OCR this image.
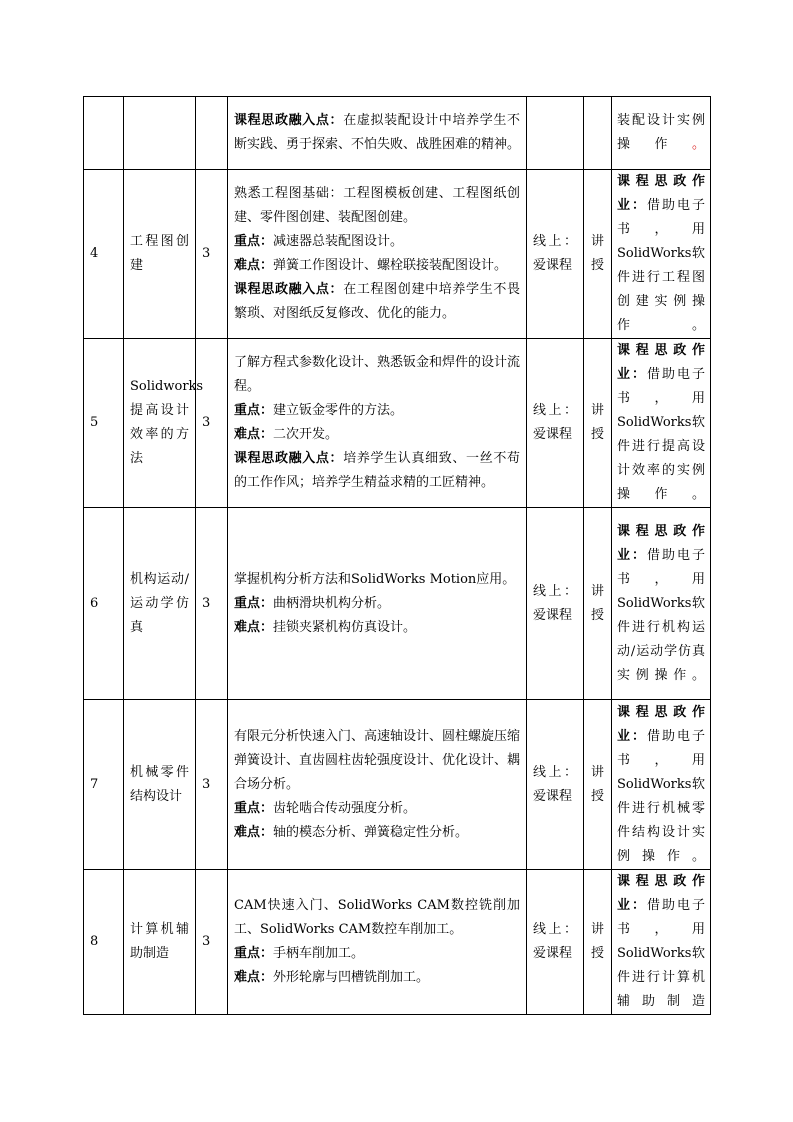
			课程思政融入点：在虚拟装配设计中培养学生不断实践、勇于探索、不怕失败、战胜困难的精神。			装配设计实例操作。
4	工程图创建	3	熟悉工程图基础：工程图模板创建、工程图纸创建、零件图创建、装配图创建。
重点：减速器总装配图设计。
难点：弹簧工作图设计、螺栓联接装配图设计。
课程思政融入点：在工程图创建中培养学生不畏繁琐、对图纸反复修改、优化的能力。	线上：爱课程	讲授	课程思政作业：借助电子书，用SolidWorks软件进行工程图创建实例操作。
5	Solidworks提高设计效率的方法	3	了解方程式参数化设计、熟悉钣金和焊件的设计流程。
重点：建立钣金零件的方法。
难点：二次开发。
课程思政融入点：培养学生认真细致、一丝不苟的工作作风；培养学生精益求精的工匠精神。	线上：爱课程	讲授	课程思政作业：借助电子书，用SolidWorks软件进行提高设计效率的实例操作。
6	机构运动/运动学仿真	3	掌握机构分析方法和SolidWorks Motion应用。
重点：曲柄滑块机构分析。
难点：挂锁夹紧机构仿真设计。	线上：爱课程	讲授	课程思政作业：借助电子书，用SolidWorks软件进行机构运动/运动学仿真实例操作。
7	机械零件结构设计	3	有限元分析快速入门、高速轴设计、圆柱螺旋压缩弹簧设计、直齿圆柱齿轮强度设计、优化设计、耦合场分析。
重点：齿轮啮合传动强度分析。
难点：轴的模态分析、弹簧稳定性分析。	线上：爱课程	讲授	课程思政作业：借助电子书，用SolidWorks软件进行机械零件结构设计实例操作。
8	计算机辅助制造	3	CAM快速入门、SolidWorks CAM数控铣削加工、SolidWorks CAM数控车削加工。
重点：手柄车削加工。
难点：外形轮廓与凹槽铣削加工。	线上：爱课程	讲授	课程思政作业：借助电子书，用SolidWorks软件进行计算机辅助制造
